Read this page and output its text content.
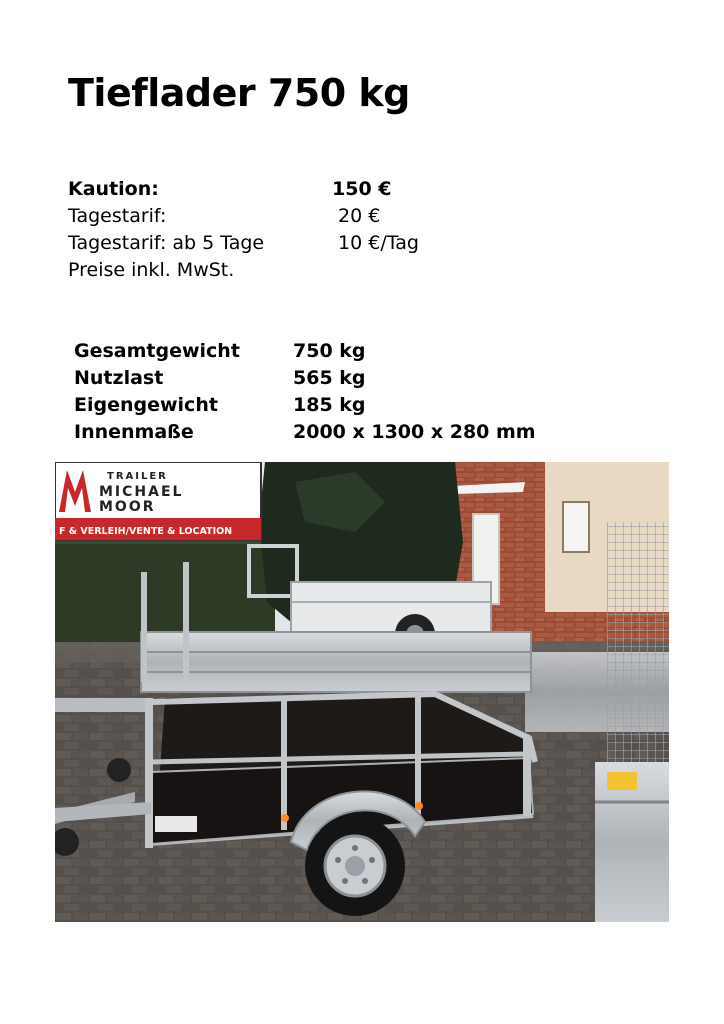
Tieflader 750 kg
Kaution:	150 €
Tagestarif:	20 €
Tagestarif: ab 5 Tage	10 €/Tag
Preise inkl. MwSt.
Gesamtgewicht	750 kg
Nutzlast	565 kg
Eigengewicht	185 kg
Innenmaße	2000 x 1300 x 280 mm
TRAILER
MICHAEL
MOOR
F & VERLEIH/VENTE & LOCATION
